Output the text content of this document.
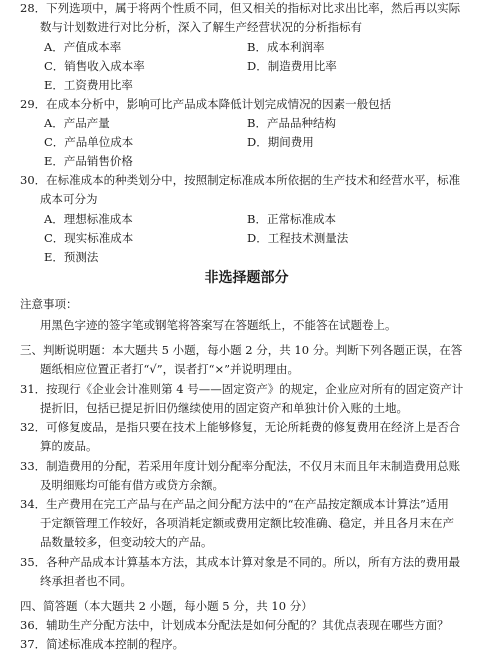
28．下列选项中，属于将两个性质不同，但又相关的指标对比求出比率，然后再以实际
数与计划数进行对比分析，深入了解生产经营状况的分析指标有
A．产值成本率	B．成本利润率
C．销售收入成本率	D．制造费用比率
E．工资费用比率
29．在成本分析中，影响可比产品成本降低计划完成情况的因素一般包括
A．产品产量	B．产品品种结构
C．产品单位成本	D．期间费用
E．产品销售价格
30．在标准成本的种类划分中，按照制定标准成本所依据的生产技术和经营水平，标准
成本可分为
A．理想标准成本	B．正常标准成本
C．现实标准成本	D．工程技术测量法
E．预测法
非选择题部分
注意事项：
用黑色字迹的签字笔或钢笔将答案写在答题纸上，不能答在试题卷上。
三、判断说明题：本大题共 5 小题，每小题 2 分，共 10 分。判断下列各题正误，在答
题纸相应位置正者打“√”，误者打“×”并说明理由。
31．按现行《企业会计准则第 4 号——固定资产》的规定，企业应对所有的固定资产计
提折旧，包括已提足折旧仍继续使用的固定资产和单独计价入账的土地。
32．可修复废品，是指只要在技术上能够修复，无论所耗费的修复费用在经济上是否合
算的废品。
33．制造费用的分配，若采用年度计划分配率分配法，不仅月末而且年末制造费用总账
及明细账均可能有借方或贷方余额。
34．生产费用在完工产品与在产品之间分配方法中的“在产品按定额成本计算法”适用
于定额管理工作较好，各项消耗定额或费用定额比较准确、稳定，并且各月末在产
品数量较多，但变动较大的产品。
35．各种产品成本计算基本方法，其成本计算对象是不同的。所以，所有方法的费用最
终承担者也不同。
四、简答题（本大题共 2 小题，每小题 5 分，共 10 分）
36．辅助生产分配方法中，计划成本分配法是如何分配的？其优点表现在哪些方面？
37．简述标准成本控制的程序。
